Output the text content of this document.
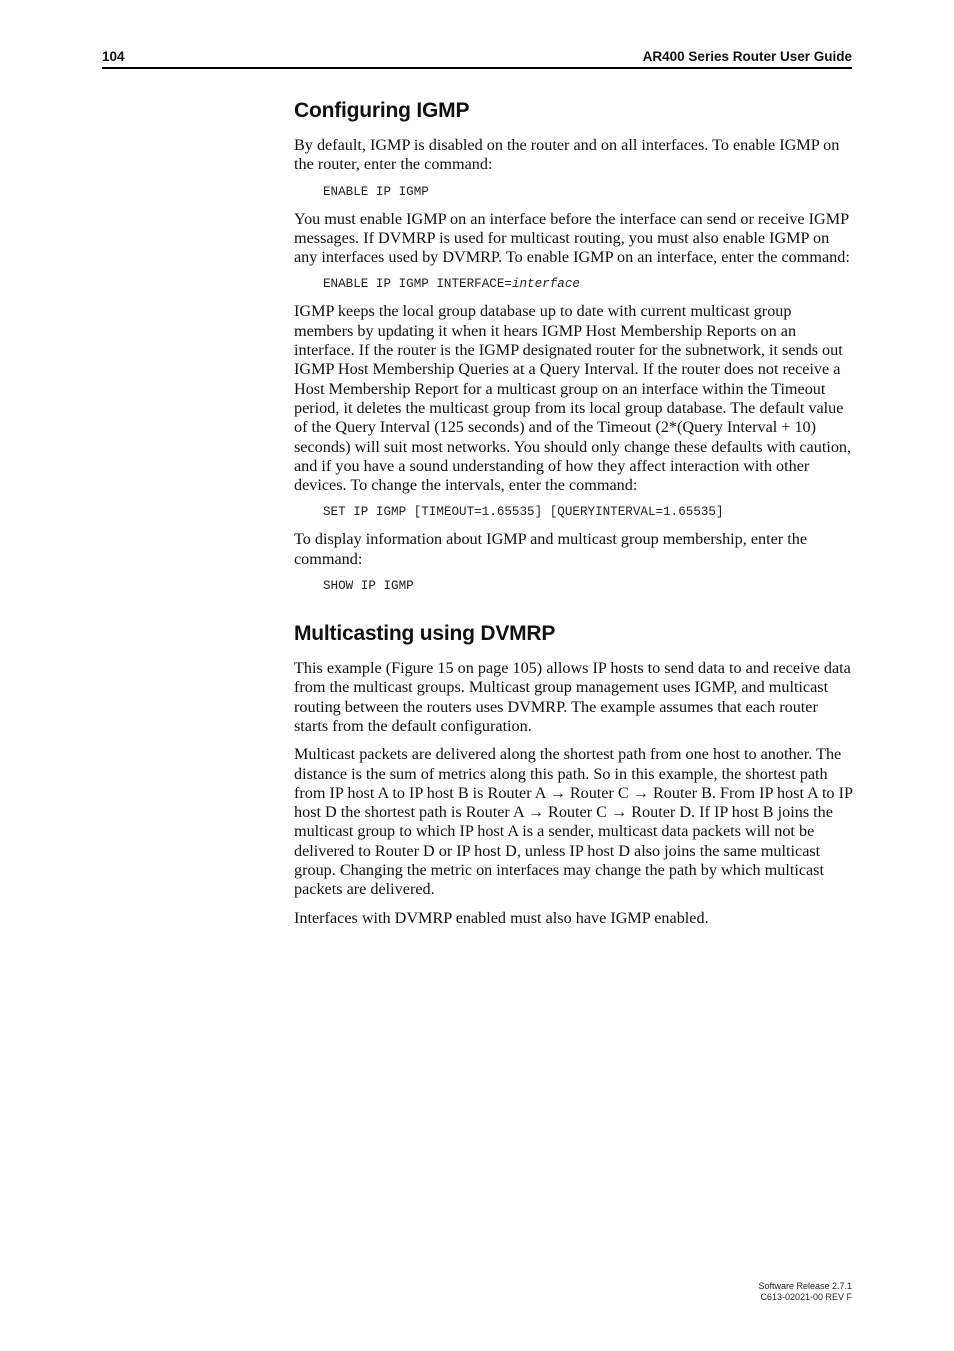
104	AR400 Series Router User Guide
Configuring IGMP

By default, IGMP is disabled on the router and on all interfaces. To enable IGMP on the router, enter the command:

ENABLE IP IGMP

You must enable IGMP on an interface before the interface can send or receive IGMP messages. If DVMRP is used for multicast routing, you must also enable IGMP on any interfaces used by DVMRP. To enable IGMP on an interface, enter the command:

ENABLE IP IGMP INTERFACE=interface

IGMP keeps the local group database up to date with current multicast group members by updating it when it hears IGMP Host Membership Reports on an interface. If the router is the IGMP designated router for the subnetwork, it sends out IGMP Host Membership Queries at a Query Interval. If the router does not receive a Host Membership Report for a multicast group on an interface within the Timeout period, it deletes the multicast group from its local group database. The default value of the Query Interval (125 seconds) and of the Timeout (2*(Query Interval + 10) seconds) will suit most networks. You should only change these defaults with caution, and if you have a sound understanding of how they affect interaction with other devices. To change the intervals, enter the command:

SET IP IGMP [TIMEOUT=1.65535] [QUERYINTERVAL=1.65535]

To display information about IGMP and multicast group membership, enter the command:

SHOW IP IGMP
Multicasting using DVMRP

This example (Figure 15 on page 105) allows IP hosts to send data to and receive data from the multicast groups. Multicast group management uses IGMP, and multicast routing between the routers uses DVMRP. The example assumes that each router starts from the default configuration.

Multicast packets are delivered along the shortest path from one host to another. The distance is the sum of metrics along this path. So in this example, the shortest path from IP host A to IP host B is Router A → Router C → Router B. From IP host A to IP host D the shortest path is Router A → Router C → Router D. If IP host B joins the multicast group to which IP host A is a sender, multicast data packets will not be delivered to Router D or IP host D, unless IP host D also joins the same multicast group. Changing the metric on interfaces may change the path by which multicast packets are delivered.

Interfaces with DVMRP enabled must also have IGMP enabled.

Software Release 2.7.1
C613-02021-00 REV F
